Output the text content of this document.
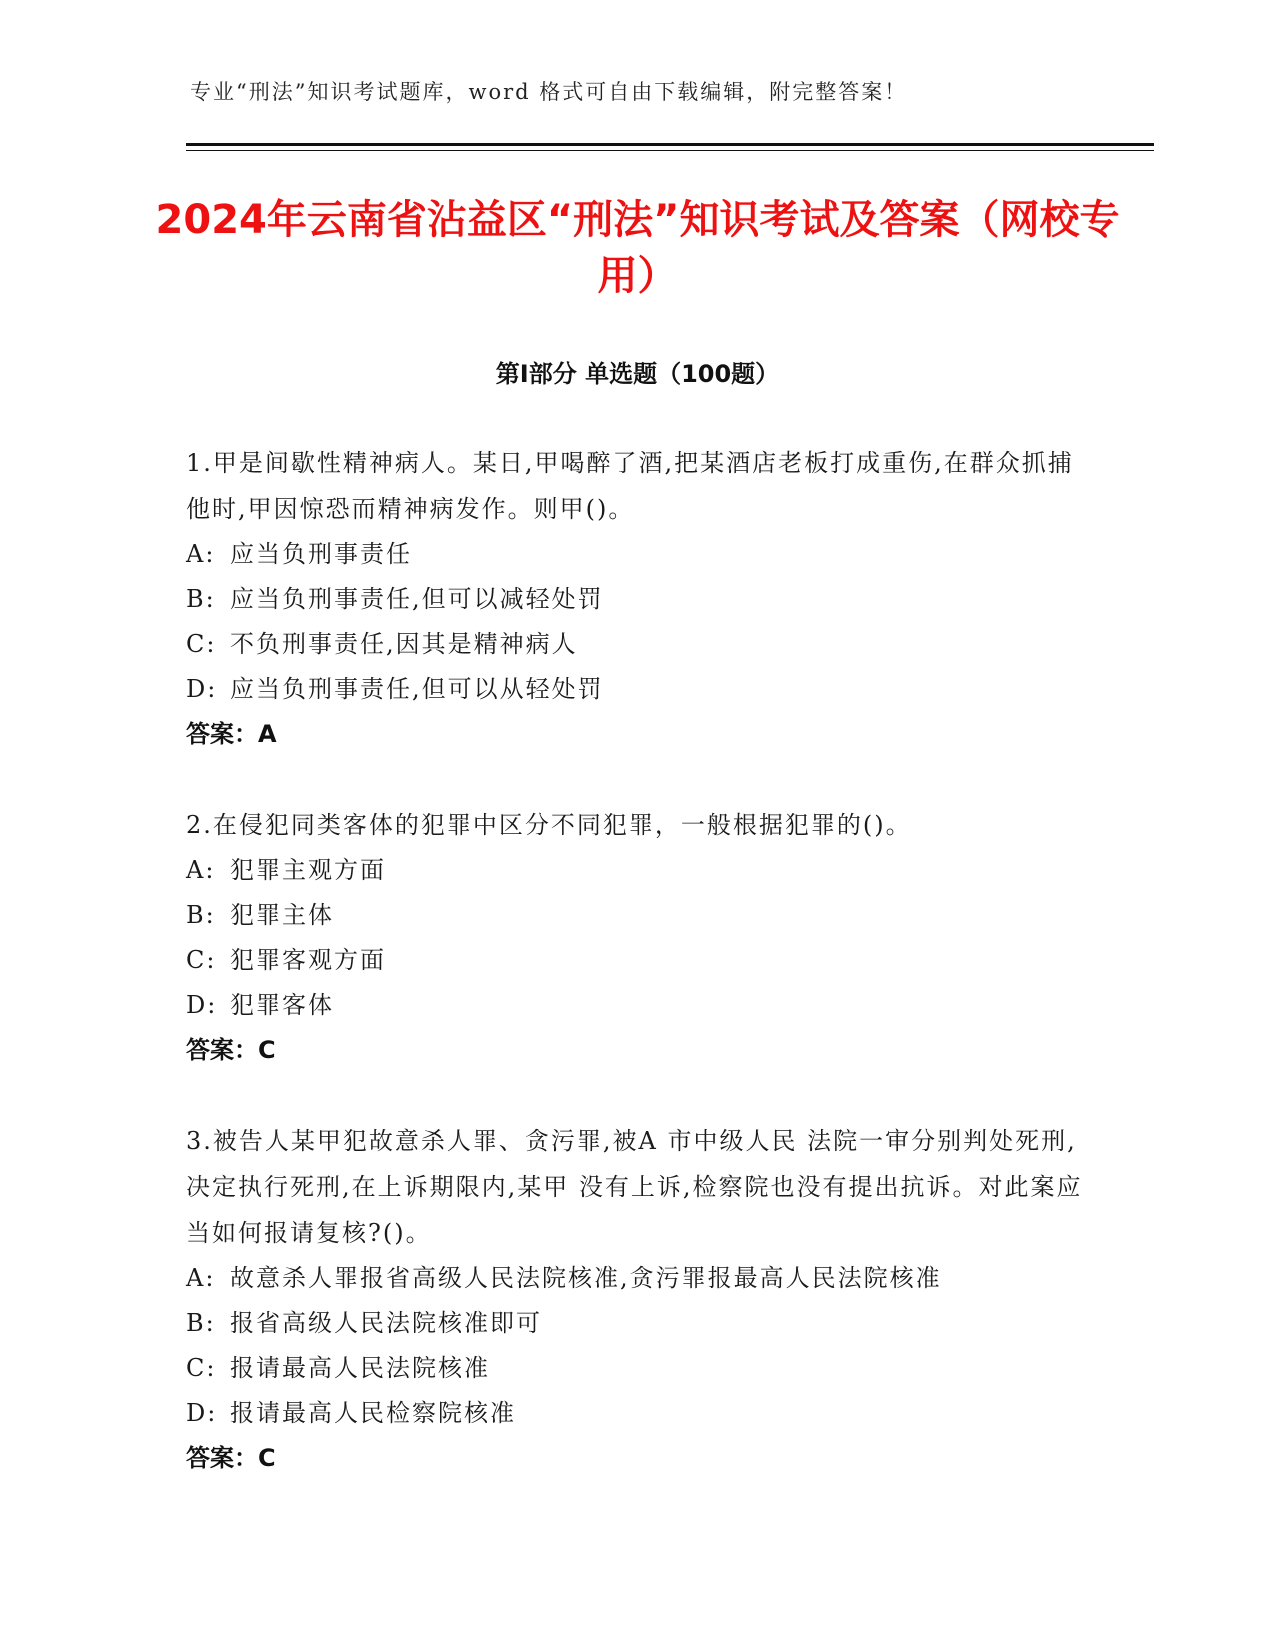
专业“刑法”知识考试题库，word 格式可自由下载编辑，附完整答案！
2024年云南省沾益区“刑法”知识考试及答案（网校专用）
第Ⅰ部分 单选题（100题）
1.甲是间歇性精神病人。某日,甲喝醉了酒,把某酒店老板打成重伤,在群众抓捕他时,甲因惊恐而精神病发作。则甲()。
A: 应当负刑事责任
B: 应当负刑事责任,但可以减轻处罚
C: 不负刑事责任,因其是精神病人
D: 应当负刑事责任,但可以从轻处罚
答案：A
2.在侵犯同类客体的犯罪中区分不同犯罪，一般根据犯罪的()。
A: 犯罪主观方面
B: 犯罪主体
C: 犯罪客观方面
D: 犯罪客体
答案：C
3.被告人某甲犯故意杀人罪、贪污罪,被A 市中级人民 法院一审分别判处死刑,决定执行死刑,在上诉期限内,某甲 没有上诉,检察院也没有提出抗诉。对此案应当如何报请复核?()。
A: 故意杀人罪报省高级人民法院核准,贪污罪报最高人民法院核准
B: 报省高级人民法院核准即可
C: 报请最高人民法院核准
D: 报请最高人民检察院核准
答案：C
